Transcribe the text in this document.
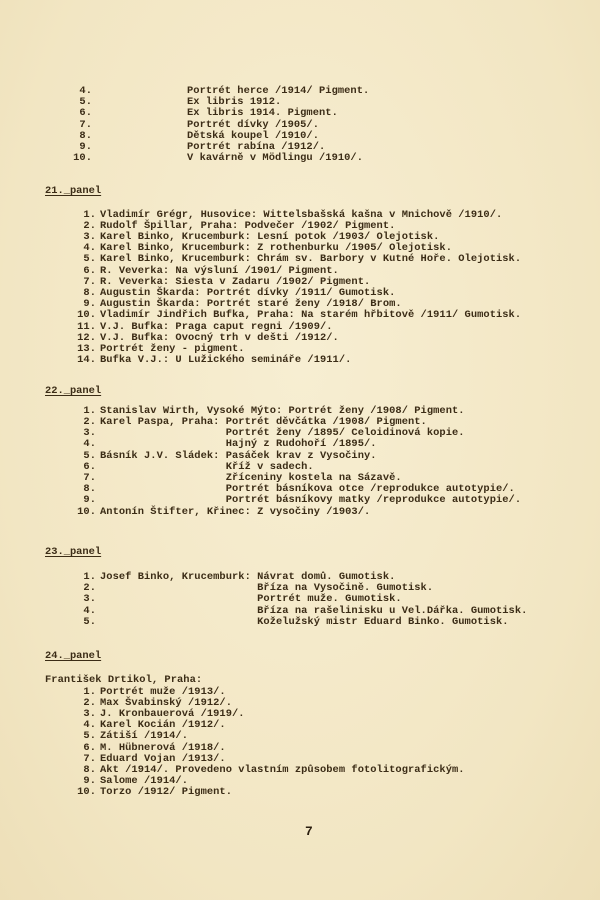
4.	Portrét herce /1914/ Pigment.
5.	Ex libris 1912.
6.	Ex libris 1914. Pigment.
7.	Portrét dívky /1905/.
8.	Dětská koupel /1910/.
9.	Portrét rabína /1912/.
10.	V kavárně v Mödlingu /1910/.
21._panel
1. Vladimír Grégr, Husovice: Wittelsbašská kašna v Mnichově /1910/.
2. Rudolf Špillar, Praha: Podvečer /1902/ Pigment.
3. Karel Binko, Krucemburk: Lesní potok /1903/ Olejotisk.
4. Karel Binko, Krucemburk: Z rothenburku /1905/ Olejotisk.
5. Karel Binko, Krucemburk: Chrám sv. Barbory v Kutné Hoře. Olejotisk.
6. R. Veverka: Na výsluní /1901/ Pigment.
7. R. Veverka: Siesta v Zadaru /1902/ Pigment.
8. Augustin Škarda: Portrét dívky /1911/ Gumotisk.
9. Augustin Škarda: Portrét staré ženy /1918/ Brom.
10. Vladimír Jindřich Bufka, Praha: Na starém hřbitově /1911/ Gumotisk.
11. V.J. Bufka: Praga caput regni /1909/.
12. V.J. Bufka: Ovocný trh v dešti /1912/.
13. Portrét ženy - pigment.
14. Bufka V.J.: U Lužického semináře /1911/.
22._panel
1. Stanislav Wirth, Vysoké Mýto: Portrét ženy /1908/ Pigment.
2. Karel Paspa, Praha: Portrét děvčátka /1908/ Pigment.
3. Portrét ženy /1895/ Celoidinová kopie.
4. Hajný z Rudohoří /1895/.
5. Básník J.V. Sládek: Pasáček krav z Vysočiny.
6. Kříž v sadech.
7. Zříceniny kostela na Sázavě.
8. Portrét básníkova otce /reprodukce autotypie/.
9. Portrét básníkovy matky /reprodukce autotypie/.
10. Antonín Štifter, Křinec: Z vysočiny /1903/.
23._panel
1. Josef Binko, Krucemburk: Návrat domů. Gumotisk.
2. Bříza na Vysočině. Gumotisk.
3. Portrét muže. Gumotisk.
4. Bříza na rašelinisku u Vel.Dářka. Gumotisk.
5. Koželužský mistr Eduard Binko. Gumotisk.
24._panel
František Drtikol, Praha:
1. Portrét muže /1913/.
2. Max Švabinský /1912/.
3. J. Kronbauerová /1919/.
4. Karel Kocián /1912/.
5. Zátiší /1914/.
6. M. Hübnerová /1918/.
7. Eduard Vojan /1913/.
8. Akt /1914/. Provedeno vlastním způsobem fotolitografickým.
9. Salome /1914/.
10. Torzo /1912/ Pigment.
7
